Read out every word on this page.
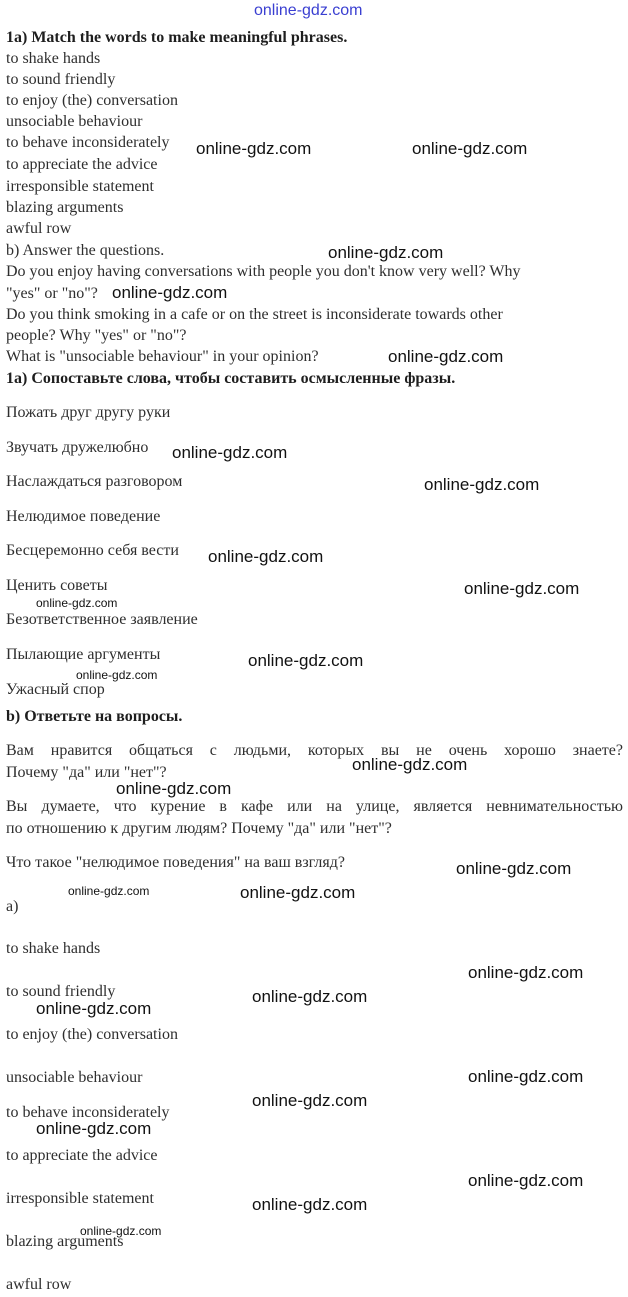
online-gdz.com
1a) Match the words to make meaningful phrases.
to shake hands
to sound friendly
to enjoy (the) conversation
unsociable behaviour
to behave inconsiderately
to appreciate the advice
irresponsible statement
blazing arguments
awful row
b) Answer the questions.
Do you enjoy having conversations with people you don't know very well? Why
"yes" or "no"?
Do you think smoking in a cafe or on the street is inconsiderate towards other
people? Why "yes" or "no"?
What is "unsociable behaviour" in your opinion?
1a) Сопоставьте слова, чтобы составить осмысленные фразы.
Пожать друг другу руки
Звучать дружелюбно
Наслаждаться разговором
Нелюдимое поведение
Бесцеремонно себя вести
Ценить советы
Безответственное заявление
Пылающие аргументы
Ужасный спор
b) Ответьте на вопросы.
Вам нравится общаться с людьми, которых вы не очень хорошо знаете?
Почему "да" или "нет"?
Вы думаете, что курение в кафе или на улице, является невнимательностью
по отношению к другим людям? Почему "да" или "нет"?
Что такое "нелюдимое поведения" на ваш взгляд?
a)
to shake hands
to sound friendly
to enjoy (the) conversation
unsociable behaviour
to behave inconsiderately
to appreciate the advice
irresponsible statement
blazing arguments
awful row
online-gdz.com	online-gdz.com
online-gdz.com
online-gdz.com
online-gdz.com
online-gdz.com
online-gdz.com
online-gdz.com
online-gdz.com
online-gdz.com
online-gdz.com
online-gdz.com
online-gdz.com
online-gdz.com
online-gdz.com
online-gdz.com	online-gdz.com
online-gdz.com
online-gdz.com
online-gdz.com
online-gdz.com
online-gdz.com
online-gdz.com
online-gdz.com
online-gdz.com
online-gdz.com
